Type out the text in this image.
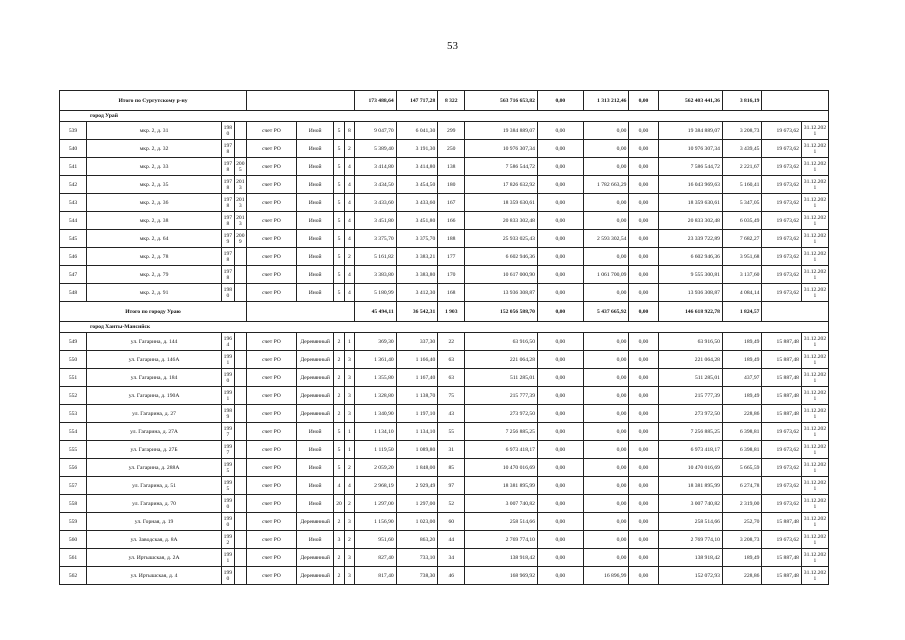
53
Итого по Сургутскому р-ну								173 488,64	147 717,28	8 322	563 716 653,82	0,00	1 313 212,46	0,00	562 403 441,36	3 816,19		
город Урай																		
539	мкр. 2, д. 31	1980		счет РО	Иной	5	8	9 047,70	6 041,30	299	19 384 889,07	0,00	0,00	0,00	19 384 889,07	3 208,73	19 673,62	31.12.2021
540	мкр. 2, д. 32	1978		счет РО	Иной	5	2	5 389,40	3 191,30	250	10 976 307,34	0,00	0,00	0,00	10 976 307,34	3 439,45	19 673,62	31.12.2021
541	мкр. 2, д. 33	1978	2005	счет РО	Иной	5	4	3 414,80	3 414,80	138	7 586 544,72	0,00	0,00	0,00	7 586 544,72	2 221,67	19 673,62	31.12.2021
542	мкр. 2, д. 35	1978	2013	счет РО	Иной	5	4	3 434,50	3 454,50	180	17 826 632,92	0,00	1 782 663,29	0,00	16 043 969,63	5 160,41	19 673,62	31.12.2021
543	мкр. 2, д. 36	1978	2013	счет РО	Иной	5	4	3 433,60	3 433,60	167	18 359 630,61	0,00	0,00	0,00	18 359 630,61	5 347,05	19 673,62	31.12.2021
544	мкр. 2, д. 38	1978	2013	счет РО	Иной	5	4	3 451,80	3 451,80	166	20 833 302,48	0,00	0,00	0,00	20 833 302,48	6 035,49	19 673,62	31.12.2021
545	мкр. 2, д. 64	1979	2009	счет РО	Иной	5	4	3 375,70	3 375,70	188	25 933 025,43	0,00	2 593 302,54	0,00	23 339 722,89	7 682,27	19 673,62	31.12.2021
546	мкр. 2, д. 78	1978		счет РО	Иной	5	2	5 161,82	3 383,21	177	6 602 946,36	0,00	0,00	0,00	6 602 946,36	3 951,68	19 673,62	31.12.2021
547	мкр. 2, д. 79	1978		счет РО	Иной	5	4	3 383,80	3 383,80	170	10 617 000,90	0,00	1 061 700,09	0,00	9 555 300,81	3 137,60	19 673,62	31.12.2021
548	мкр. 2, д. 91	1980		счет РО	Иной	5	4	5 180,99	3 412,30	168	13 936 308,87	0,00	0,00	0,00	13 936 308,87	4 084,14	19 673,62	31.12.2021
Итого по городу Ураю								45 494,11	36 542,31	1 903	152 056 588,70	0,00	5 437 665,92	0,00	146 618 922,78	1 824,57		
город Ханты-Мансийск																		
549	ул. Гагарина, д. 144	1964		счет РО	Деревянный	2	1	369,30	337,30	22	63 916,50	0,00	0,00	0,00	63 916,50	189,49	15 887,48	31.12.2021
550	ул. Гагарина, д. 146А	1991		счет РО	Деревянный	2	3	1 361,40	1 166,40	63	221 064,28	0,00	0,00	0,00	221 064,28	189,49	15 887,48	31.12.2021
551	ул. Гагарина, д. 184	1990		счет РО	Деревянный	2	3	1 355,80	1 167,40	63	511 285,01	0,00	0,00	0,00	511 285,01	437,97	15 887,48	31.12.2021
552	ул. Гагарина, д. 190А	1991		счет РО	Деревянный	2	3	1 328,80	1 138,70	75	215 777,39	0,00	0,00	0,00	215 777,39	189,49	15 887,48	31.12.2021
553	ул. Гагарина, д. 27	1989		счет РО	Деревянный	2	3	1 340,90	1 197,10	43	273 972,50	0,00	0,00	0,00	273 972,50	228,86	15 887,48	31.12.2021
554	ул. Гагарина, д. 27А	1997		счет РО	Иной	5	1	1 134,10	1 134,10	55	7 256 885,25	0,00	0,00	0,00	7 256 885,25	6 398,81	19 673,62	31.12.2021
555	ул. Гагарина, д. 27Б	1997		счет РО	Иной	5	1	1 119,50	1 089,80	31	6 973 418,17	0,00	0,00	0,00	6 973 418,17	6 398,81	19 673,62	31.12.2021
556	ул. Гагарина, д. 288А	1995		счет РО	Иной	5	2	2 059,20	1 848,00	85	10 470 016,69	0,00	0,00	0,00	10 470 016,69	5 665,59	19 673,62	31.12.2021
557	ул. Гагарина, д. 51	1995		счет РО	Иной	4	4	2 968,19	2 929,49	97	18 381 895,99	0,00	0,00	0,00	18 381 895,99	6 274,78	19 673,62	31.12.2021
558	ул. Гагарина, д. 70	1990		счет РО	Иной	20	2	1 297,00	1 297,00	52	3 007 740,82	0,00	0,00	0,00	3 007 740,82	2 319,00	19 673,62	31.12.2021
559	ул. Горная, д. 19	1990		счет РО	Деревянный	2	3	1 156,90	1 023,00	60	258 514,66	0,00	0,00	0,00	258 514,66	252,70	15 887,48	31.12.2021
560	ул. Заводская, д. 8А	1992		счет РО	Иной	3	2	951,60	863,20	44	2 769 774,10	0,00	0,00	0,00	2 769 774,10	3 208,73	19 673,62	31.12.2021
561	ул. Иртышская, д. 2А	1991		счет РО	Деревянный	2	3	827,40	733,10	34	138 918,42	0,00	0,00	0,00	138 918,42	189,49	15 887,48	31.12.2021
562	ул. Иртышская, д. 4	1990		счет РО	Деревянный	2	3	817,40	738,30	46	168 969,92	0,00	16 896,99	0,00	152 072,93	228,86	15 887,48	31.12.2021
